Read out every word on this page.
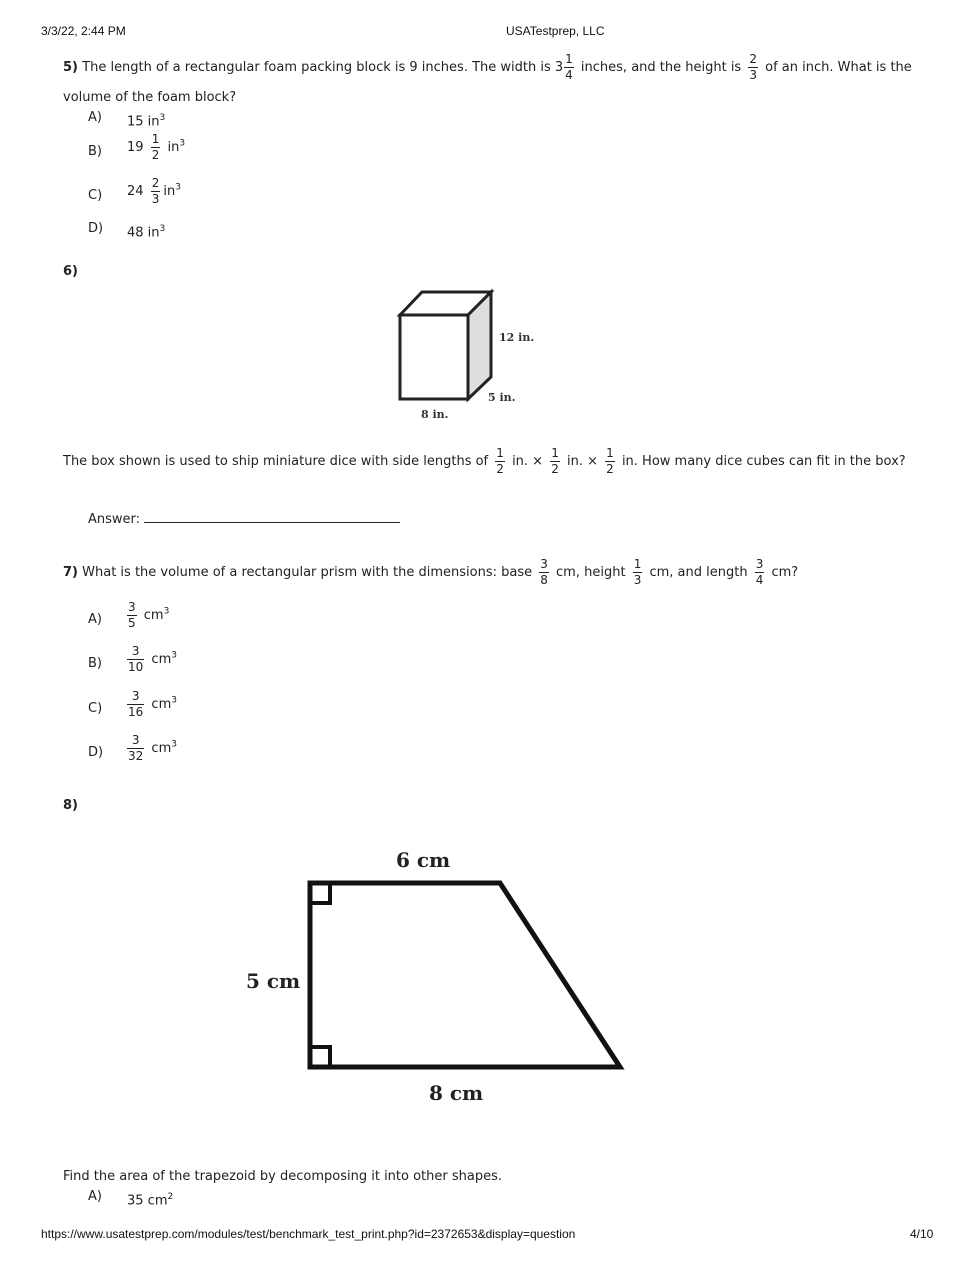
3/3/22, 2:44 PM	USATestprep, LLC
5) The length of a rectangular foam packing block is 9 inches. The width is $3 \frac{1}{4}$ inches, and the height is $\frac{2}{3}$ of an inch. What is the
volume of the foam block?
A) 15 $in^3$
B) $19 \frac{1}{2} in^3$
C) $24 \frac{2}{3} in^3$
D) 48 $in^3$
6)
12 in.
5 in.
8 in.
The box shown is used to ship miniature dice with side lengths of $\frac{1}{2}$ in. × $\frac{1}{2}$ in. × $\frac{1}{2}$ in. How many dice cubes can fit in the box?
Answer:
7) What is the volume of a rectangular prism with the dimensions: base $\frac{3}{8}$ cm, height $\frac{1}{3}$ cm, and length $\frac{3}{4}$ cm?
$A) \frac{3}{5} cm^3$
$B) \frac{3}{10} cm^3$
$C) \frac{3}{16} cm^3$
$D) \frac{3}{32} cm^3$
8)
6 cm
5 cm
8 cm
Find the area of the trapezoid by decomposing it into other shapes.
A) 35 $cm^2$
https://www.usatestprep.com/modules/test/benchmark_test_print.php?id=2372653&display=question	4/10
